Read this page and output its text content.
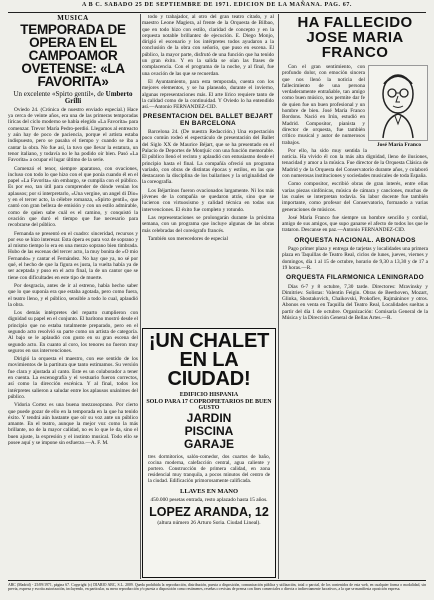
A B C. SABADO 25 DE SEPTIEMBRE DE 1971. EDICION DE LA MAÑANA. PAG. 67.
MUSICA
TEMPORADA DE OPERA EN EL CAMPOAMOR OVETENSE: «LA FAVORITA»
Un excelente «Spirto gentil», de Umberto Grilli

Oviedo 24. (Crónica de nuestro enviado especial.) Hace ya cerca de veinte años, era una de las primeras temporadas líricas del ciclo moderno se había elegido «La Favorita» para comenzar. Trevor María Pedro-perdió. Llegamos al entreacto y aún hay de poco de paciencia, porque el artista estaba indispuesto, pero se pasaba el tiempo y cuando se iba a cantar la obra. No fue así, la tuvo que llevar la estatura, un tenor italiano, y todavía no le ha podido oír bien. Pasó «La Favorita» a ocupar el lugar último de la serie.

Comenzó el tenor, siempre aparatoso, con ovaciones, incluso con todo lo que hizo con el que ponía cuando él en el papel «La Favorita» sin embargo, se cumplía con el público. Es por eso, tan útil para comprender de dónde venían los aplausos; por si interpretarlo, «Una vergine, un angel di Dio» y en el tercer acto, la célebre romanza, «Spirto gentil», que cantó con gran belleza de emisión y con un estilo admirable, como de quien sabe cuál es el camino, y conquistó la ovación que duró el tiempo que fue necesario para recobrarse del público.

Fernanda se presentó en el cuadro: sinceridad, recursos y por eso se hizo interesar. Esta ópera es para voz de soprano y al mismo tiempo lo era en una mezzo soprano bien timbrada. Hubo de las escenas del tercer acto, la muy bonita de «O mio Fernando» y cantar el Fernández. No hay que ya, no sé por qué, el hecho de que la figura es justa, la vuelta había ya de ser aceptada y puso en el acto final, la de un cantor que se tiene con dificultades en este tipo de muerte.

Por desgracia, antes de ir al estreno, había hecho saber que lo que suponía era que estaba agotada, pero como fuera, el teatro lleno, y el público, sensible a todo lo cual, aplaudió la obra.

Los demás intérpretes del reparto cumplieron con dignidad su papel en el conjunto. El barítono mostró desde el principio que no estaba totalmente preparado, pero en el segundo acto resolvió su parte como un artista de categoría. Al bajo se le aplaudió con gusto en su gran escena del segundo acto. En cuanto al coro, los tenores no fueron muy seguros en sus intervenciones.

Dirigió la orquesta el maestro, con ese sentido de los movimientos de la partitura que tanto estimamos. Su versión fue clara y ajustada al canto. Este es un colaborador a tener en cuenta. La escenografía y el vestuario fueron correctos, así como la dirección escénica. Y al final, todos los intérpretes salieron a saludar entre los aplausos unánimes del público.

Vidoria Cortez es una buena mezzosoprano. Por cierto que puede gozar de ello en la temporada en la que ha tenido éxito. Y tendrá aún bastante que oír su voz ante un público amante. En el teatro, aunque la mejor voz como la más brillante, no de la mayor calidad, no es lo que le da, sino el buen ajuste, la expresión y el instinto musical. Todo ello se posee aquí y se impone sin esfuerzo.—A. F. M.

todo y trabajador, al otro del gran teatro citado, y al maestro Leone Magiera, al frente de la Orquesta de Bilbao, que en todo hizo con estilo, claridad de concepto y en la orquesta notable brillantez de ejecución. E. Diego Monjo, dirigió el escenario y los intérpretes todos ayudaron a la conclusión de la obra con señorío, que puso en escena. El público, la mayor parte, disfrutó de una función que ha tenido un gran éxito. Y en la salida se oían las frases de complacencia. Con el programa de la noche, y al final, fue una ovación de las que se recuerdan.

El Ayuntamiento, para esta temporada, cuenta con los mejores elementos, y se ha planeado, durante el invierno, algunas representaciones más. El arte lírico requiere tanto de la calidad como de la continuidad. Y Oviedo lo ha entendido así.—Antonio FERNANDEZ-CID.

PRESENTACION DEL BALLET BEJART EN BARCELONA

Barcelona 24. (De nuestra Redacción.) Una expectación poco común rodeó el espectáculo de presentación del Ballet del Siglo XX de Maurice Béjart, que se ha presentado en el Palacio de Deportes de Montjuïc con una función memorable. El público llenó el recinto y aplaudió con entusiasmo desde el principio hasta el final. La compañía ofreció un programa variado, con obras de distintas épocas y estilos, en las que destacaron la disciplina de los bailarines y la originalidad de la coreografía.

Los Béjartinos fueron ovacionados largamente. Ni los más jóvenes de la compañía se quedaron atrás, sino que se lucieron con virtuosismo y calidad técnica en todas sus intervenciones. El éxito fue completo y rotundo.

Las representaciones se prolongarán durante la próxima semana, con un programa que incluye algunas de las obras más celebradas del coreógrafo francés.

También son merecedores de especial

¡UN CHALET EN LA CIUDAD!
EDIFICIO HISPANIA
SOLO PARA 17 COPROPIETARIOS DE BUEN GUSTO
JARDIN
PISCINA
GARAJE
tres dormitorios, salón-comedor, dos cuartos de baño, cocina moderna, calefacción central, agua caliente y portero. Construcción de primera calidad, en zona residencial muy tranquila, a pocos minutos del centro de la ciudad. Edificación primorosamente calificada.
LLAVES EN MANO
450.000 pesetas entrada, resto aplazado hasta 15 años.
LOPEZ ARANDA, 12
(altura número 26 Arturo Soria. Ciudad Lineal).
HA FALLECIDO JOSE MARIA FRANCO
José María Franco

Con el gran sentimiento, con profundo dolor, con emoción sincera que nos llenó la noticia del fallecimiento de una persona verdaderamente entrañable, tan amigo como buen músico, nos permite dar fe de quien fue un buen profesional y un hombre de bien. José María Franco Bordons. Nació en Irún, estudió en Madrid. Compositor, pianista y director de orquesta, fue también crítico musical y autor de numerosos trabajos.

Por ello, ha sido muy sentida la noticia. Ha vivido él con la más alta dignidad, lleno de ilusiones, tenacidad y amor a la música. Fue director de la Orquesta Clásica de Madrid y de la Orquesta del Conservatorio durante años, y colaboró con numerosas instituciones y sociedades musicales de toda España.

Como compositor, escribió obras de gran interés, entre ellas varias piezas sinfónicas, música de cámara y canciones, muchas de las cuales se interpretan todavía. Su labor docente fue también importante, como profesor del Conservatorio, formando a varias generaciones de músicos.

José María Franco fue siempre un hombre sencillo y cordial, amigo de sus amigos, que supo ganarse el afecto de todos los que le trataron. Descanse en paz.—Antonio FERNANDEZ-CID.

ORQUESTA NACIONAL. ABONADOS

Pago primer plazo y entrega de tarjetas y localidades una primera plaza en Taquillas de Teatro Real, ciclos de lunes, jueves, viernes y domingos, día 1 al 15 de octubre, horario de 9,30 a 13,30 y de 17 a 19 horas.—R.

ORQUESTA FILARMONICA LENINGRADO

Días 6-7 y 8 octubre, 7,30 tarde. Directores: Mravinsky y Dimitriev. Solistas: Valentín Feigin. Obras de Beethoven, Mozart, Glinka, Shostakovich, Chaikovski, Prokofiev, Rajmáninov y otros. Abonos en venta en Taquilla del Teatro Real, Localidades sueltas a partir del día 1 de octubre. Organización: Comisaría General de la Música y la Dirección General de Bellas Artes.—R.

ABC (Madrid) - 25/09/1971, página 67. Copyright (c) DIARIO ABC, S.L. 2009. Queda prohibida la reproducción, distribución, puesta a disposición, comunicación pública y utilización, total o parcial, de los contenidos de esta web, en cualquier forma o modalidad, sin previa, expresa y escrita autorización, incluyendo, en particular, su mera reproducción y/o puesta a disposición como resúmenes, reseñas o revistas de prensa con fines comerciales o directa o indirectamente lucrativos, a la que se manifiesta oposición expresa.
